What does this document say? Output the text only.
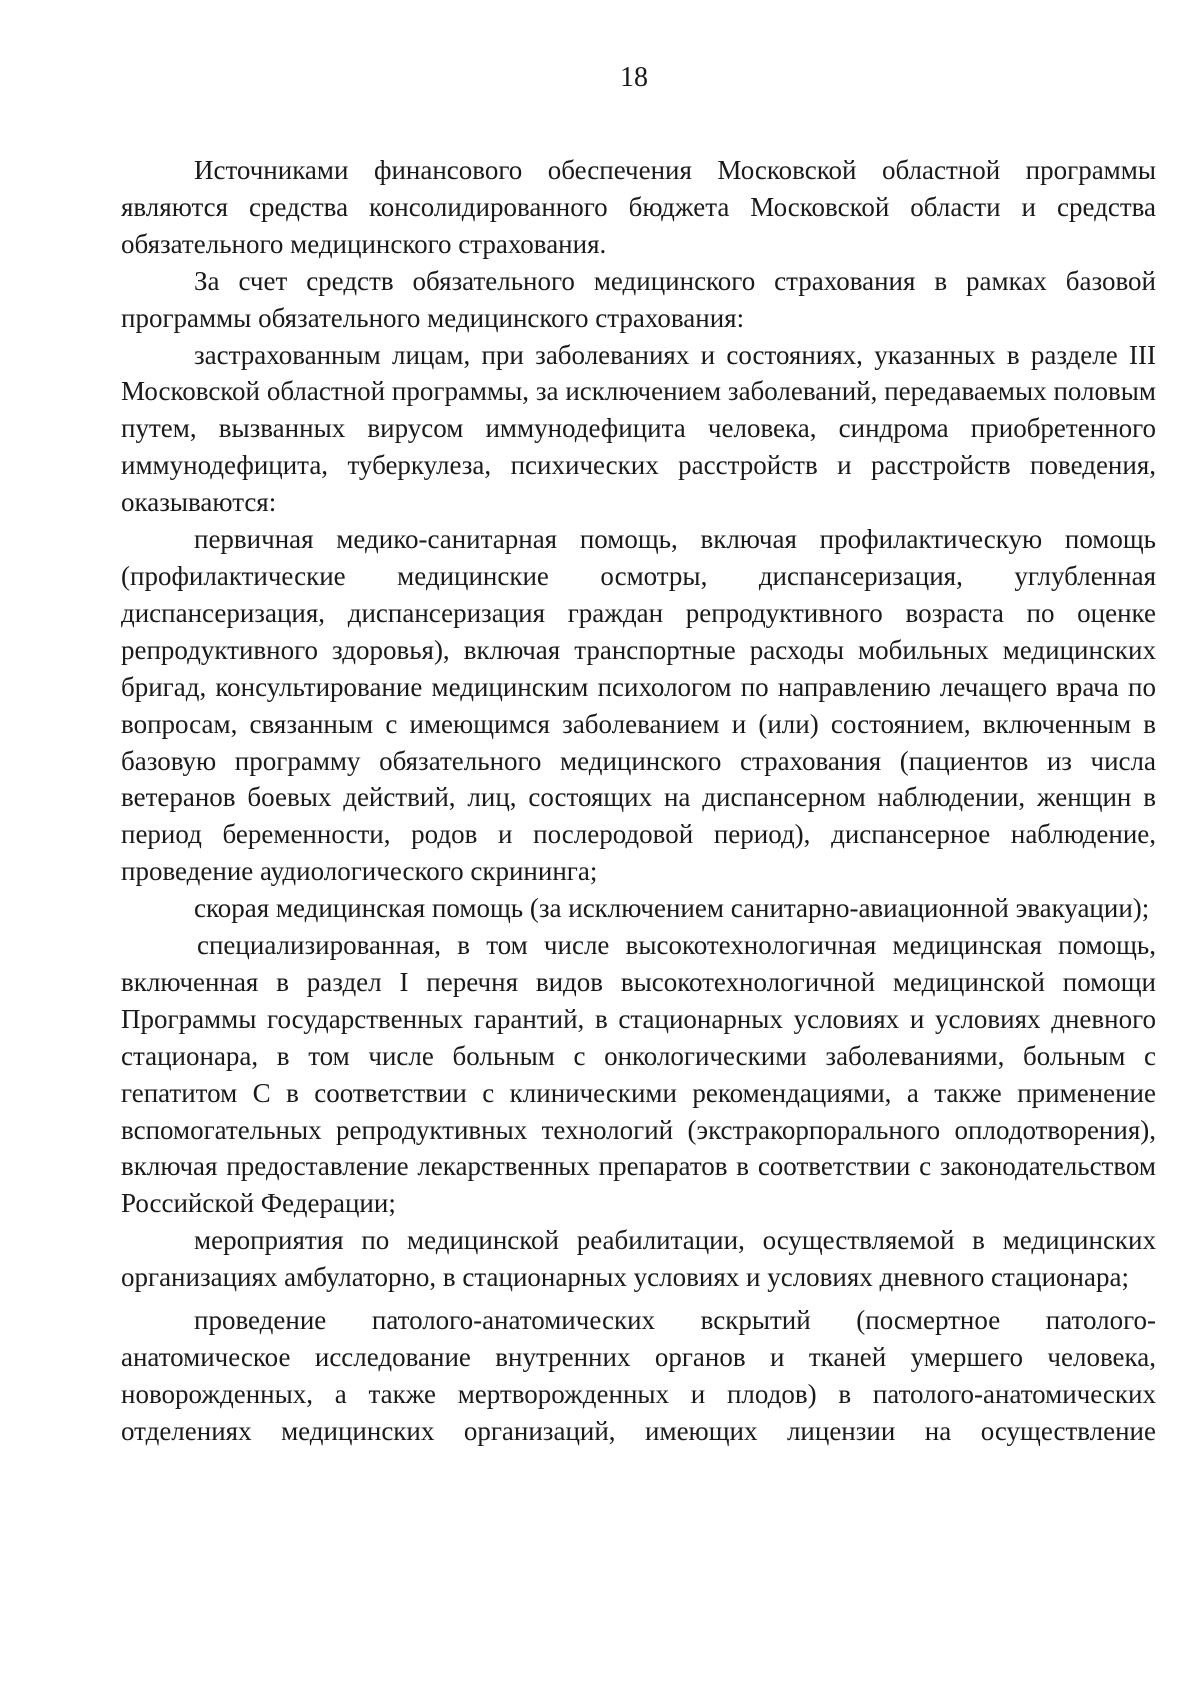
18

Источниками финансового обеспечения Московской областной программы являются средства консолидированного бюджета Московской области и средства обязательного медицинского страхования.

За счет средств обязательного медицинского страхования в рамках базовой программы обязательного медицинского страхования:

застрахованным лицам, при заболеваниях и состояниях, указанных в разделе III Московской областной программы, за исключением заболеваний, передаваемых половым путем, вызванных вирусом иммунодефицита человека, синдрома приобретенного иммунодефицита, туберкулеза, психических расстройств и расстройств поведения, оказываются:

первичная медико-санитарная помощь, включая профилактическую помощь (профилактические медицинские осмотры, диспансеризация, углубленная диспансеризация, диспансеризация граждан репродуктивного возраста по оценке репродуктивного здоровья), включая транспортные расходы мобильных медицинских бригад, консультирование медицинским психологом по направлению лечащего врача по вопросам, связанным с имеющимся заболеванием и (или) состоянием, включенным в базовую программу обязательного медицинского страхования (пациентов из числа ветеранов боевых действий, лиц, состоящих на диспансерном наблюдении, женщин в период беременности, родов и послеродовой период), диспансерное наблюдение, проведение аудиологического скрининга;

скорая медицинская помощь (за исключением санитарно-авиационной эвакуации);

специализированная, в том числе высокотехнологичная медицинская помощь, включенная в раздел I перечня видов высокотехнологичной медицинской помощи Программы государственных гарантий, в стационарных условиях и условиях дневного стационара, в том числе больным с онкологическими заболеваниями, больным с гепатитом С в соответствии с клиническими рекомендациями, а также применение вспомогательных репродуктивных технологий (экстракорпорального оплодотворения), включая предоставление лекарственных препаратов в соответствии с законодательством Российской Федерации;

мероприятия по медицинской реабилитации, осуществляемой в медицинских организациях амбулаторно, в стационарных условиях и условиях дневного стационара;

проведение патолого-анатомических вскрытий (посмертное патолого-анатомическое исследование внутренних органов и тканей умершего человека, новорожденных, а также мертворожденных и плодов) в патолого-анатомических отделениях медицинских организаций, имеющих лицензии на осуществление
